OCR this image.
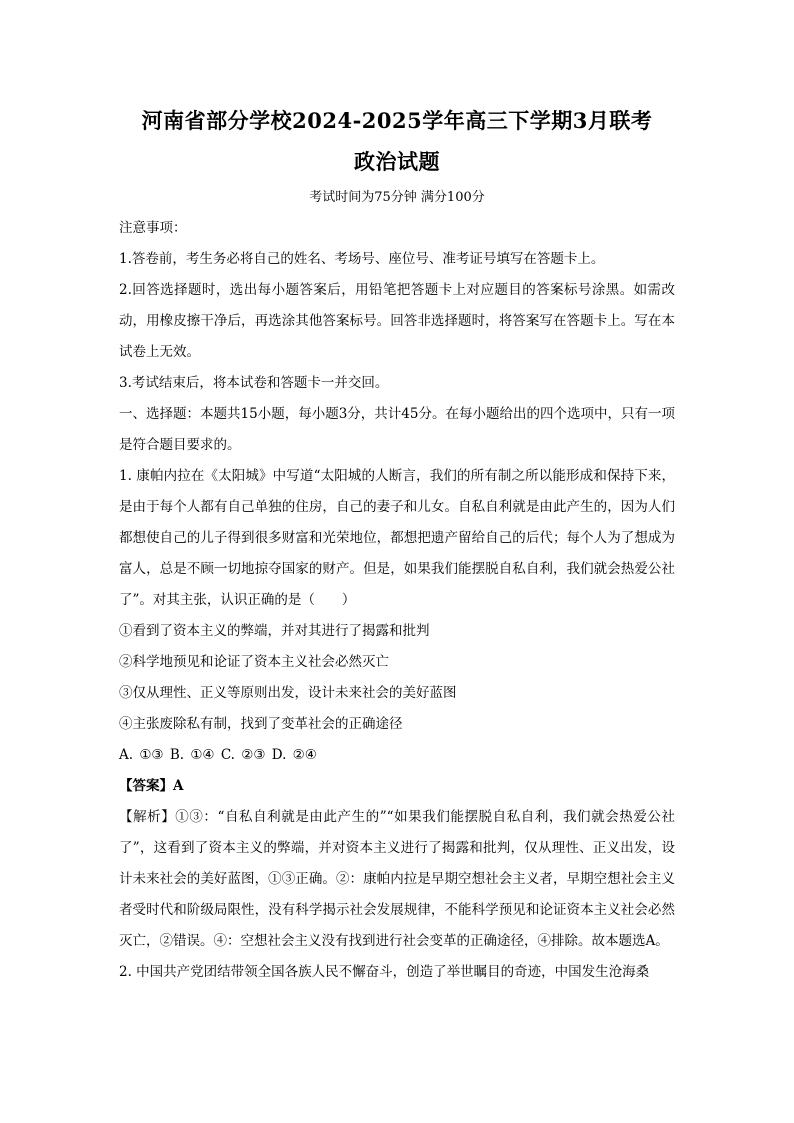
河南省部分学校2024-2025学年高三下学期3月联考
政治试题
考试时间为75分钟 满分100分

注意事项：

1.答卷前，考生务必将自己的姓名、考场号、座位号、准考证号填写在答题卡上。

2.回答选择题时，选出每小题答案后，用铅笔把答题卡上对应题目的答案标号涂黑。如需改动，用橡皮擦干净后，再选涂其他答案标号。回答非选择题时，将答案写在答题卡上。写在本试卷上无效。

3.考试结束后，将本试卷和答题卡一并交回。

一、选择题：本题共15小题，每小题3分，共计45分。在每小题给出的四个选项中，只有一项是符合题目要求的。

1. 康帕内拉在《太阳城》中写道“太阳城的人断言，我们的所有制之所以能形成和保持下来，是由于每个人都有自己单独的住房，自己的妻子和儿女。自私自利就是由此产生的，因为人们都想使自己的儿子得到很多财富和光荣地位，都想把遗产留给自己的后代；每个人为了想成为富人，总是不顾一切地掠夺国家的财产。但是，如果我们能摆脱自私自利，我们就会热爱公社了”。对其主张，认识正确的是（　　）

①看到了资本主义的弊端，并对其进行了揭露和批判

②科学地预见和论证了资本主义社会必然灭亡

③仅从理性、正义等原则出发，设计未来社会的美好蓝图

④主张废除私有制，找到了变革社会的正确途径

A. ①③ B. ①④ C. ②③ D. ②④

【答案】A

【解析】①③：“自私自利就是由此产生的”“如果我们能摆脱自私自利，我们就会热爱公社了”，这看到了资本主义的弊端，并对资本主义进行了揭露和批判，仅从理性、正义出发，设计未来社会的美好蓝图，①③正确。②：康帕内拉是早期空想社会主义者，早期空想社会主义者受时代和阶级局限性，没有科学揭示社会发展规律，不能科学预见和论证资本主义社会必然灭亡，②错误。④：空想社会主义没有找到进行社会变革的正确途径，④排除。故本题选A。

2. 中国共产党团结带领全国各族人民不懈奋斗，创造了举世瞩目的奇迹，中国发生沧海桑
